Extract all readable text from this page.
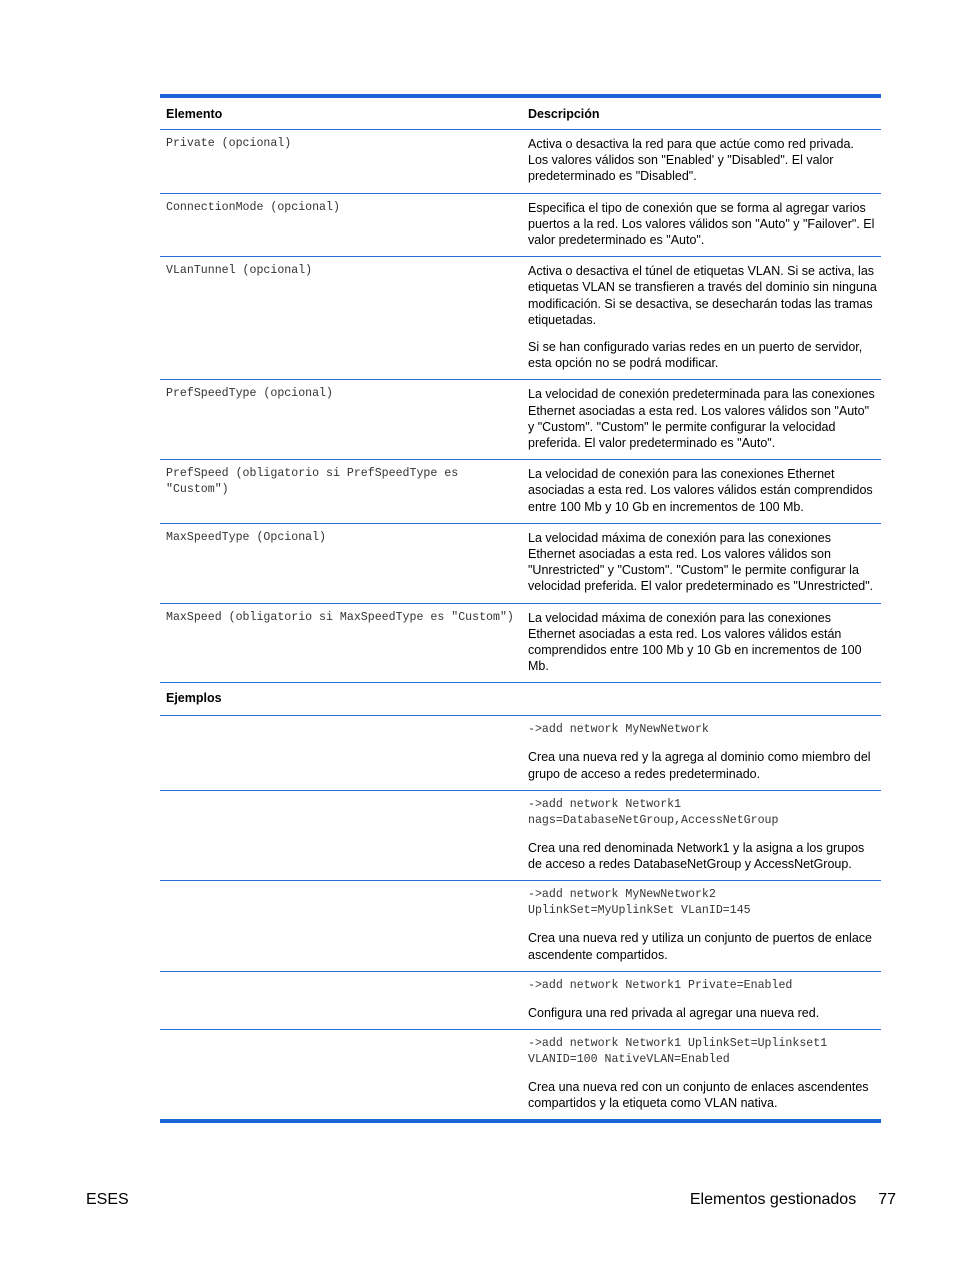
Elemento	Descripción

Private (opcional)	Activa o desactiva la red para que actúe como red privada. Los valores válidos son "Enabled' y "Disabled". El valor predeterminado es "Disabled".

ConnectionMode (opcional)	Especifica el tipo de conexión que se forma al agregar varios puertos a la red. Los valores válidos son "Auto" y "Failover". El valor predeterminado es "Auto".

VLanTunnel (opcional)	Activa o desactiva el túnel de etiquetas VLAN. Si se activa, las etiquetas VLAN se transfieren a través del dominio sin ninguna modificación. Si se desactiva, se desecharán todas las tramas etiquetadas.

Si se han configurado varias redes en un puerto de servidor, esta opción no se podrá modificar.

PrefSpeedType (opcional)	La velocidad de conexión predeterminada para las conexiones Ethernet asociadas a esta red. Los valores válidos son "Auto" y "Custom". "Custom" le permite configurar la velocidad preferida. El valor predeterminado es "Auto".

PrefSpeed (obligatorio si PrefSpeedType es "Custom")	La velocidad de conexión para las conexiones Ethernet asociadas a esta red. Los valores válidos están comprendidos entre 100 Mb y 10 Gb en incrementos de 100 Mb.

MaxSpeedType (Opcional)	La velocidad máxima de conexión para las conexiones Ethernet asociadas a esta red. Los valores válidos son "Unrestricted" y "Custom". "Custom" le permite configurar la velocidad preferida. El valor predeterminado es "Unrestricted".

MaxSpeed (obligatorio si MaxSpeedType es "Custom")	La velocidad máxima de conexión para las conexiones Ethernet asociadas a esta red. Los valores válidos están comprendidos entre 100 Mb y 10 Gb en incrementos de 100 Mb.

Ejemplos	

	->add network MyNewNetwork

Crea una nueva red y la agrega al dominio como miembro del grupo de acceso a redes predeterminado.

	->add network Network1
nags=DatabaseNetGroup,AccessNetGroup

Crea una red denominada Network1 y la asigna a los grupos de acceso a redes DatabaseNetGroup y AccessNetGroup.

	->add network MyNewNetwork2
UplinkSet=MyUplinkSet VLanID=145

Crea una nueva red y utiliza un conjunto de puertos de enlace ascendente compartidos.

	->add network Network1 Private=Enabled

Configura una red privada al agregar una nueva red.

	->add network Network1 UplinkSet=Uplinkset1
VLANID=100 NativeVLAN=Enabled

Crea una nueva red con un conjunto de enlaces ascendentes compartidos y la etiqueta como VLAN nativa.

ESES	Elementos gestionados 77
